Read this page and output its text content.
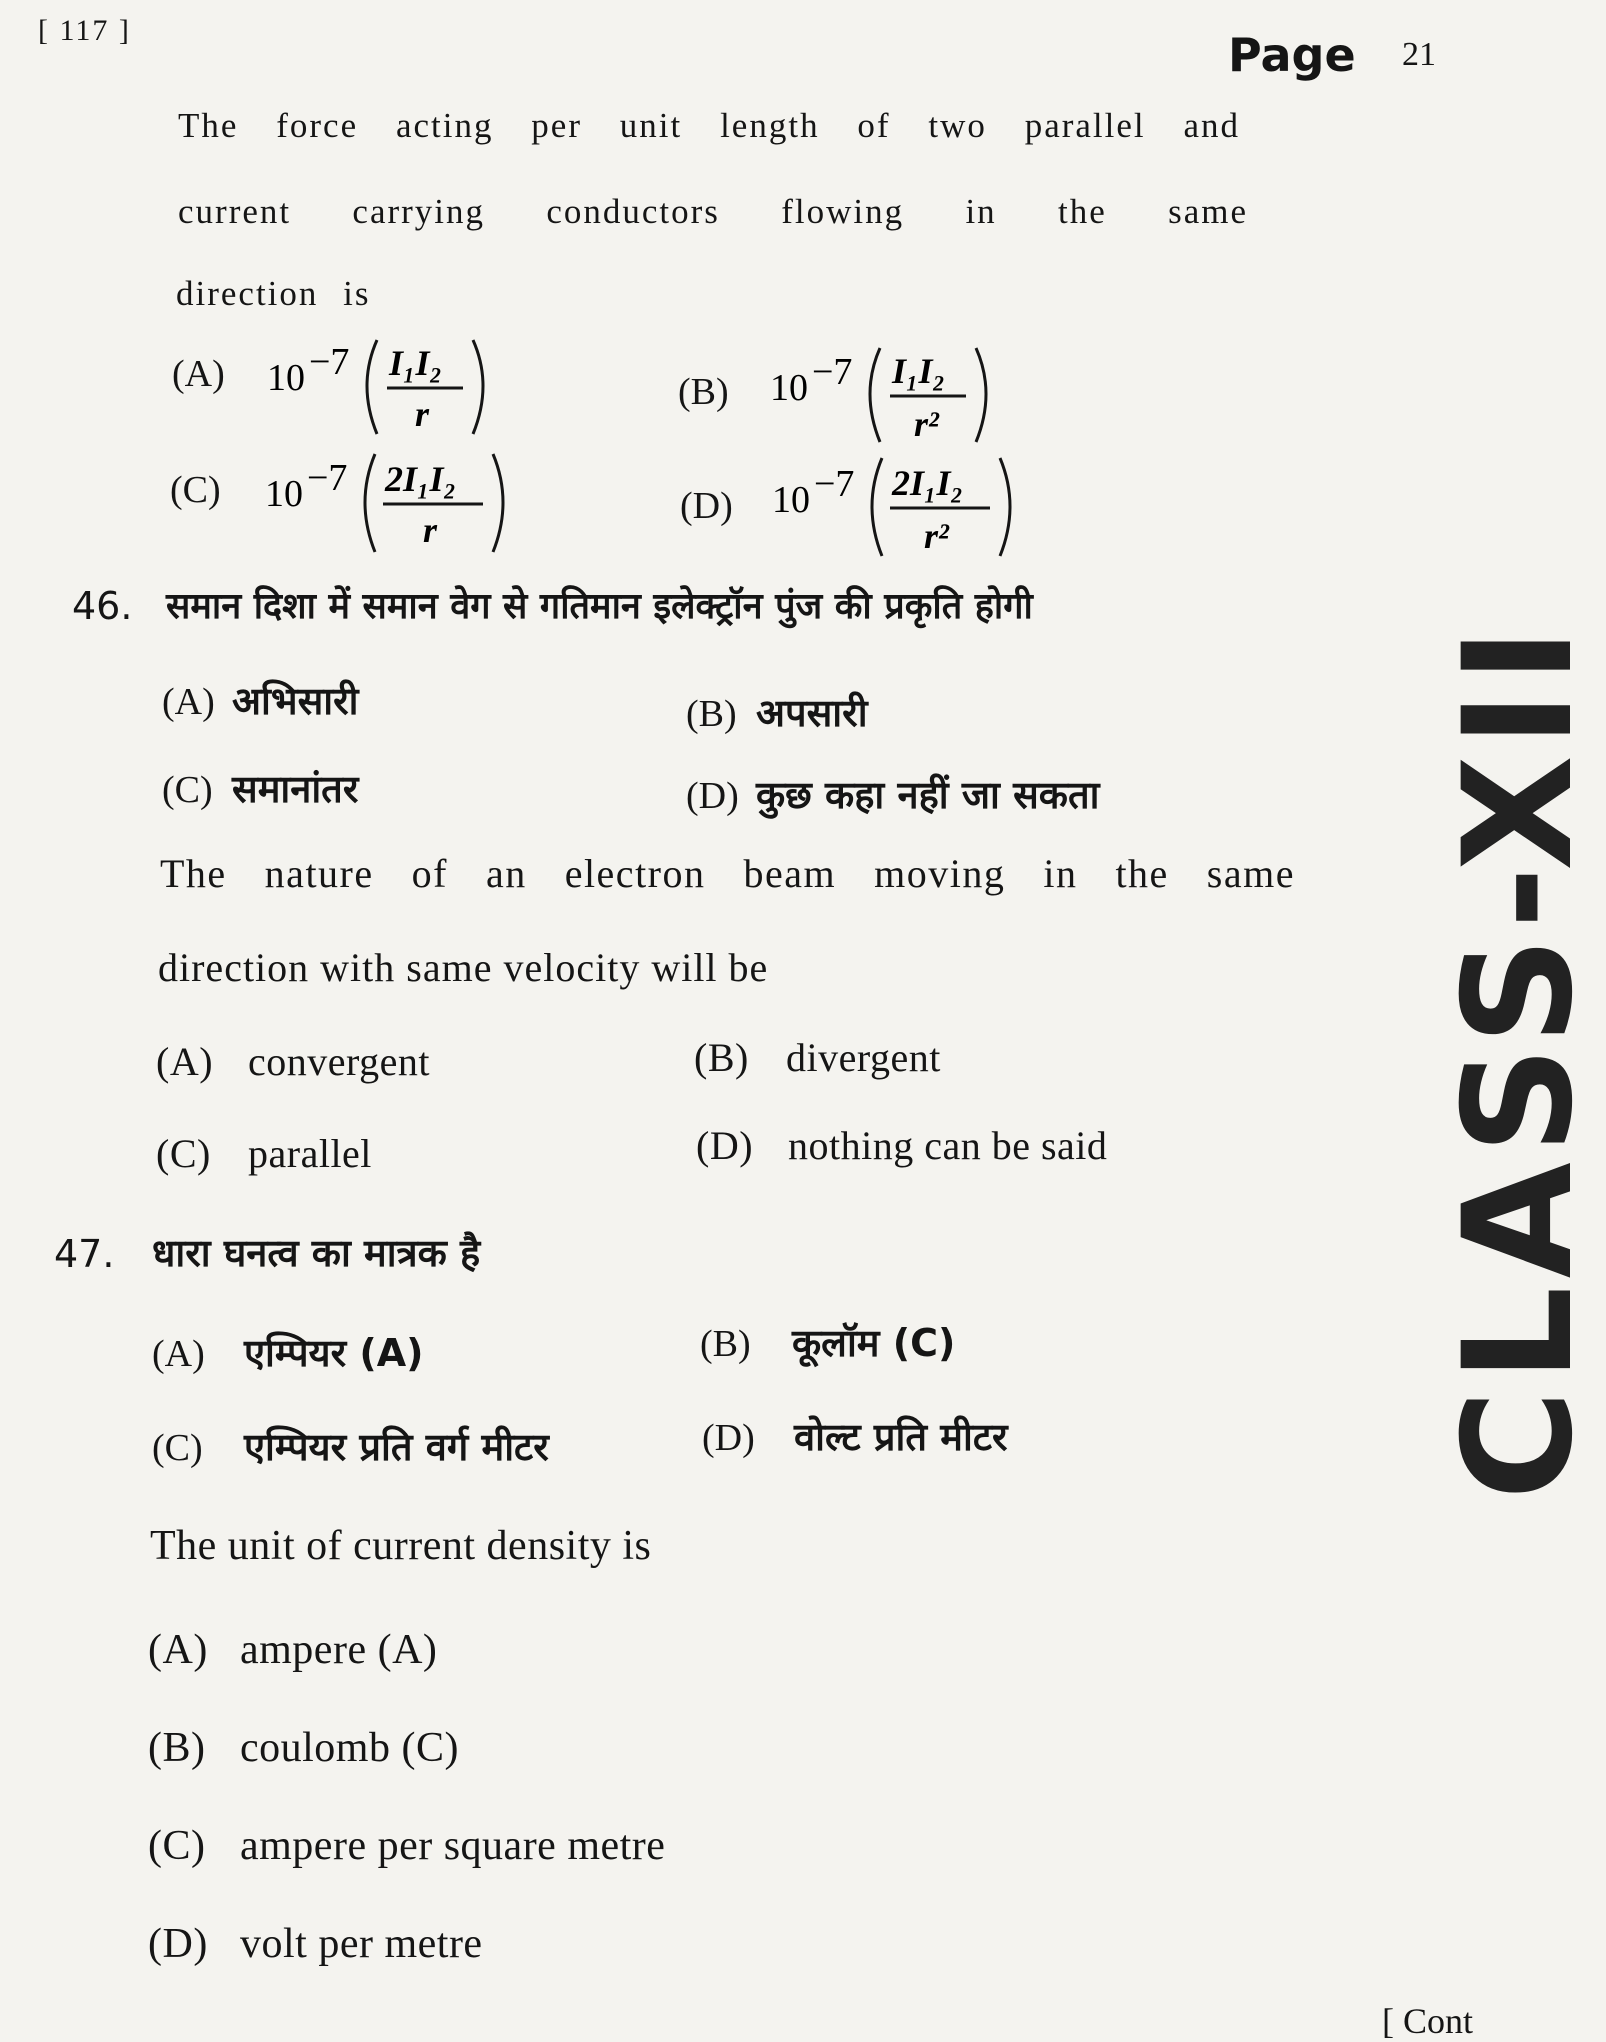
[ 117 ]	Page 21
The force acting per unit length of two parallel and
current carrying conductors flowing in the same
direction is
(A) 10 −7 I₁I₂
r
(B) 10 −7 I₁I₂
r²
(C) 10 −7 2I₁I₂
r
(D) 10 −7 2I₁I₂
r²
46. समान दिशा में समान वेग से गतिमान इलेक्ट्रॉन पुंज की प्रकृति होगी
(A) अभिसारी	(B) अपसारी
(C) समानांतर	(D) कुछ कहा नहीं जा सकता
The nature of an electron beam moving in the same
direction with same velocity will be
(A) convergent	(B) divergent
(C) parallel	(D) nothing can be said
47. धारा घनत्व का मात्रक है
(A) एम्पियर (A)	(B) कूलॉम (C)
(C) एम्पियर प्रति वर्ग मीटर	(D) वोल्ट प्रति मीटर
The unit of current density is
(A) ampere (A)
(B) coulomb (C)
(C) ampere per square metre
(D) volt per metre
CLASS-XII
[ Cont
